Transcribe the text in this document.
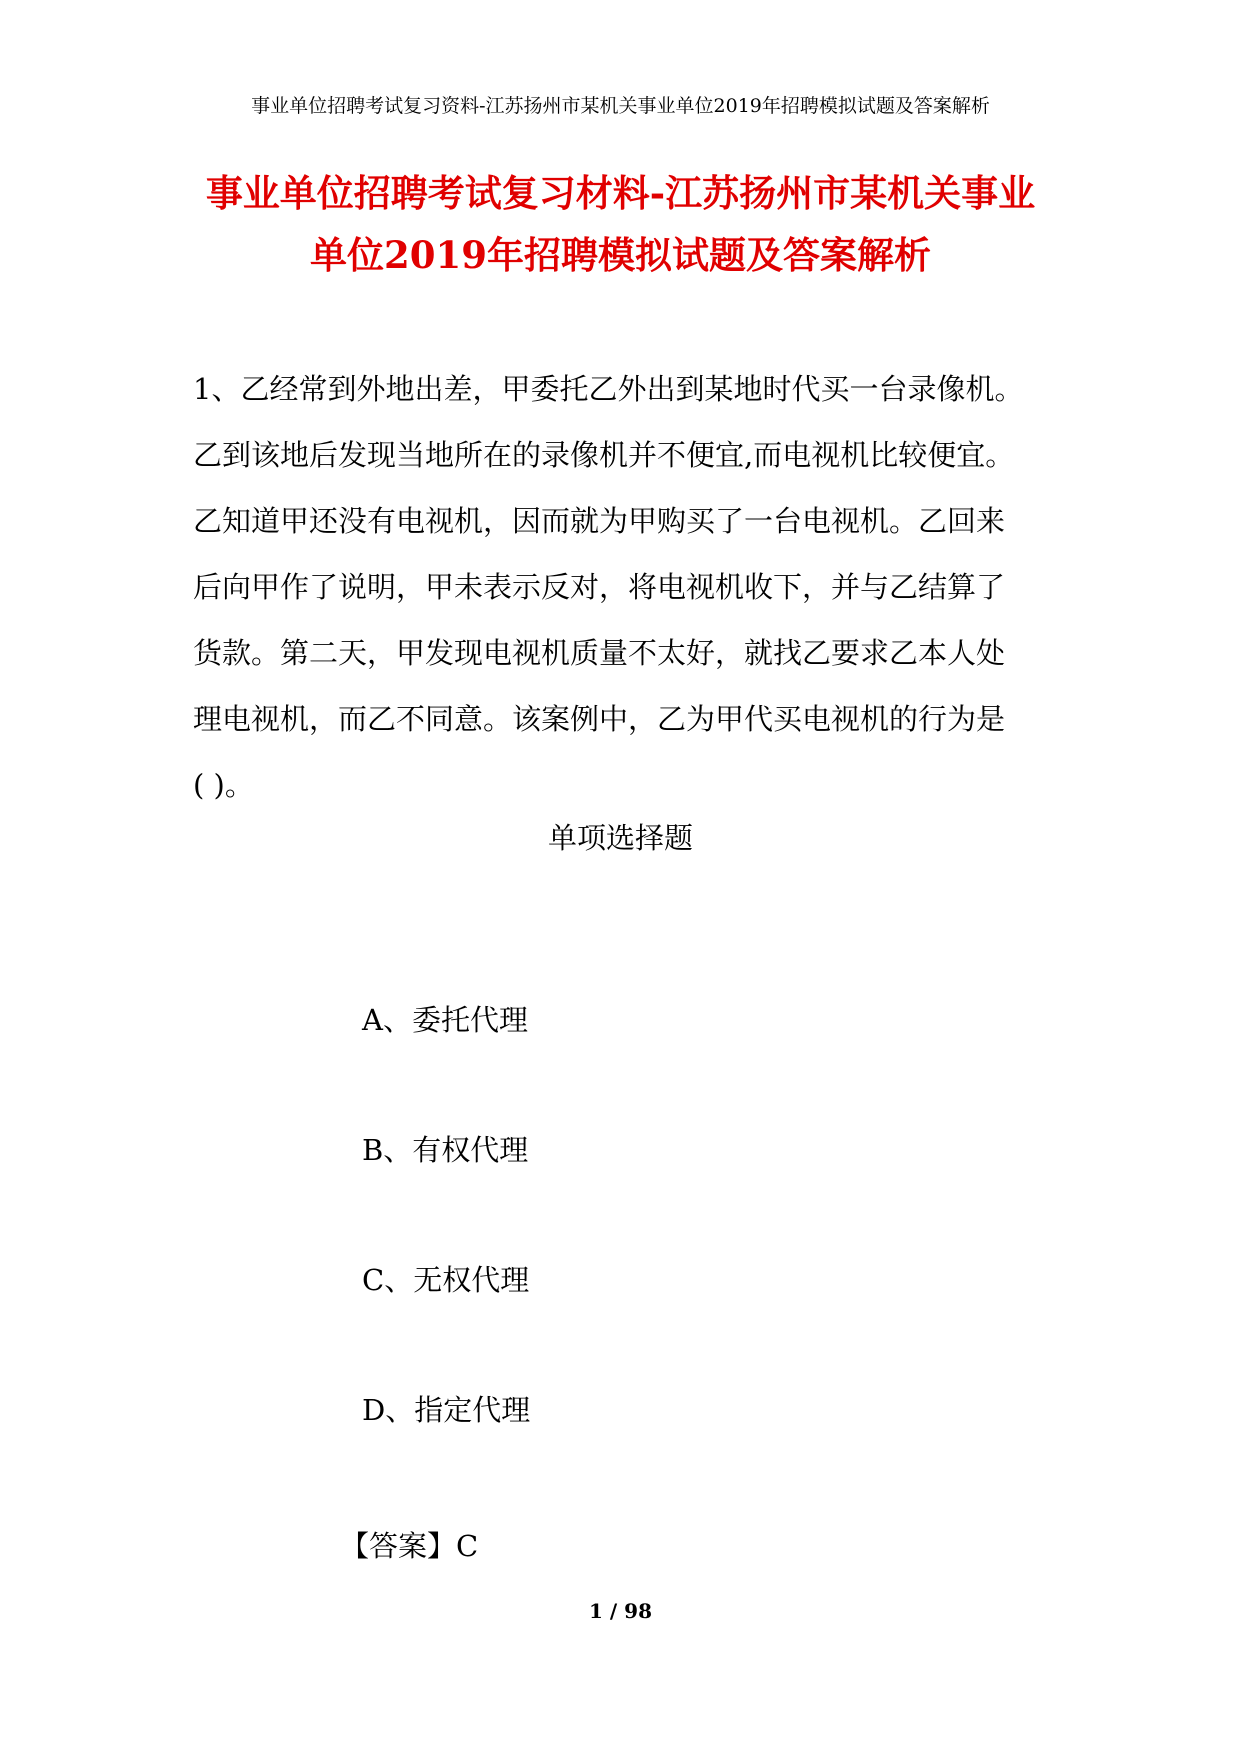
事业单位招聘考试复习资料-江苏扬州市某机关事业单位2019年招聘模拟试题及答案解析
事业单位招聘考试复习材料-江苏扬州市某机关事业
单位2019年招聘模拟试题及答案解析
1、乙经常到外地出差，甲委托乙外出到某地时代买一台录像机。
乙到该地后发现当地所在的录像机并不便宜,而电视机比较便宜。
乙知道甲还没有电视机，因而就为甲购买了一台电视机。乙回来
后向甲作了说明，甲未表示反对，将电视机收下，并与乙结算了
货款。第二天，甲发现电视机质量不太好，就找乙要求乙本人处
理电视机，而乙不同意。该案例中，乙为甲代买电视机的行为是
( )。
单项选择题
A、委托代理
B、有权代理
C、无权代理
D、指定代理
【答案】C
1 / 98
